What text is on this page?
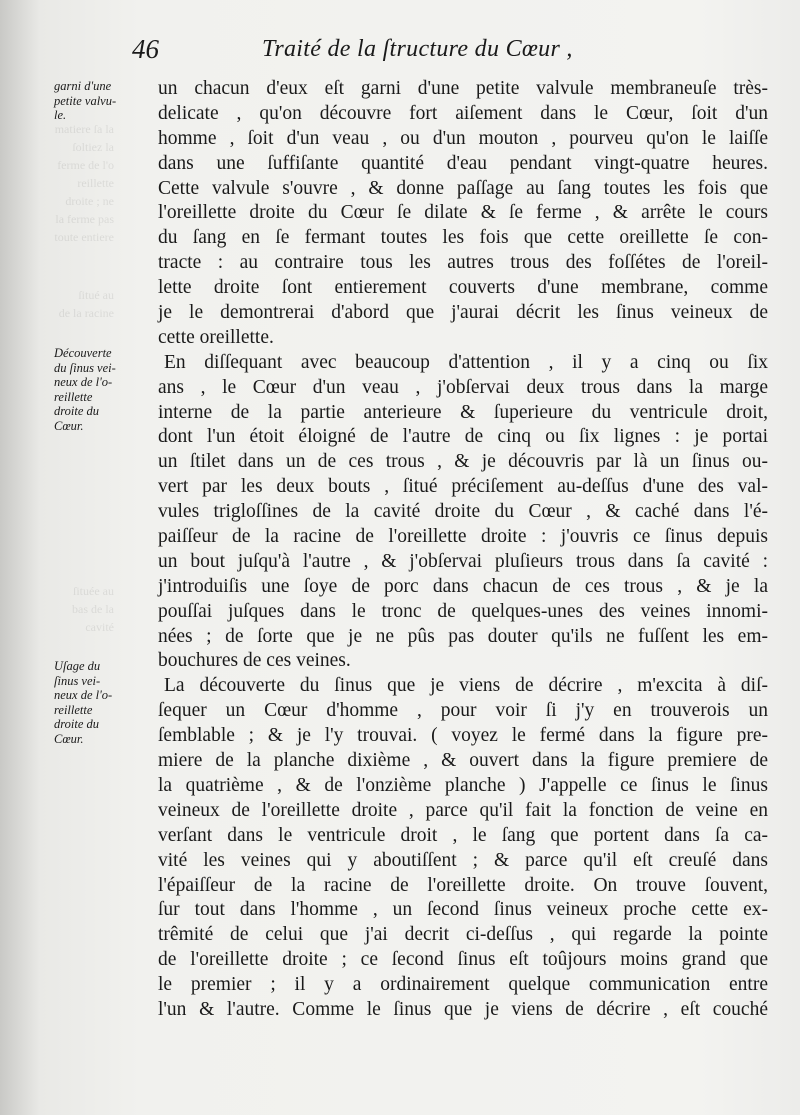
matiere ſa la
ſoltiez la
ferme de l'o
reillette
droite ; ne
la ferme pas
toute entiere
ſitué au
de la racine
ſituée au
bas de la
cavité
46	Traité de la ſtructure du Cœur ,

garni d'une

petite valvu-

le.

Découverte

du ſinus vei-

neux de l'o-

reillette

droite du

Cœur.

Uſage du

ſinus vei-

neux de l'o-

reillette

droite du

Cœur.

un chacun d'eux eſt garni d'une petite valvule membraneuſe très-
delicate , qu'on découvre fort aiſement dans le Cœur, ſoit d'un
homme , ſoit d'un veau , ou d'un mouton , pourveu qu'on le laiſſe
dans une ſuffiſante quantité d'eau pendant vingt-quatre heures.
Cette valvule s'ouvre , & donne paſſage au ſang toutes les fois que
l'oreillette droite du Cœur ſe dilate & ſe ferme , & arrête le cours
du ſang en ſe fermant toutes les fois que cette oreillette ſe con-
tracte : au contraire tous les autres trous des foſſétes de l'oreil-
lette droite ſont entierement couverts d'une membrane, comme
je le demontrerai d'abord que j'aurai décrit les ſinus veineux de
cette oreillette.
En diſſequant avec beaucoup d'attention , il y a cinq ou ſix
ans , le Cœur d'un veau , j'obſervai deux trous dans la marge
interne de la partie anterieure & ſuperieure du ventricule droit,
dont l'un étoit éloigné de l'autre de cinq ou ſix lignes : je portai
un ſtilet dans un de ces trous , & je découvris par là un ſinus ou-
vert par les deux bouts , ſitué préciſement au-deſſus d'une des val-
vules trigloſſines de la cavité droite du Cœur , & caché dans l'é-
paiſſeur de la racine de l'oreillette droite : j'ouvris ce ſinus depuis
un bout juſqu'à l'autre , & j'obſervai pluſieurs trous dans ſa cavité :
j'introduiſis une ſoye de porc dans chacun de ces trous , & je la
pouſſai juſques dans le tronc de quelques-unes des veines innomi-
nées ; de ſorte que je ne pûs pas douter qu'ils ne fuſſent les em-
bouchures de ces veines.
La découverte du ſinus que je viens de décrire , m'excita à diſ-
ſequer un Cœur d'homme , pour voir ſi j'y en trouverois un
ſemblable ; & je l'y trouvai. ( voyez le fermé dans la figure pre-
miere de la planche dixième , & ouvert dans la figure premiere de
la quatrième , & de l'onzième planche ) J'appelle ce ſinus le ſinus
veineux de l'oreillette droite , parce qu'il fait la fonction de veine en
verſant dans le ventricule droit , le ſang que portent dans ſa ca-
vité les veines qui y aboutiſſent ; & parce qu'il eſt creuſé dans
l'épaiſſeur de la racine de l'oreillette droite. On trouve ſouvent,
ſur tout dans l'homme , un ſecond ſinus veineux proche cette ex-
trêmité de celui que j'ai decrit ci-deſſus , qui regarde la pointe
de l'oreillette droite ; ce ſecond ſinus eſt toûjours moins grand que
le premier ; il y a ordinairement quelque communication entre
l'un & l'autre. Comme le ſinus que je viens de décrire , eſt couché
